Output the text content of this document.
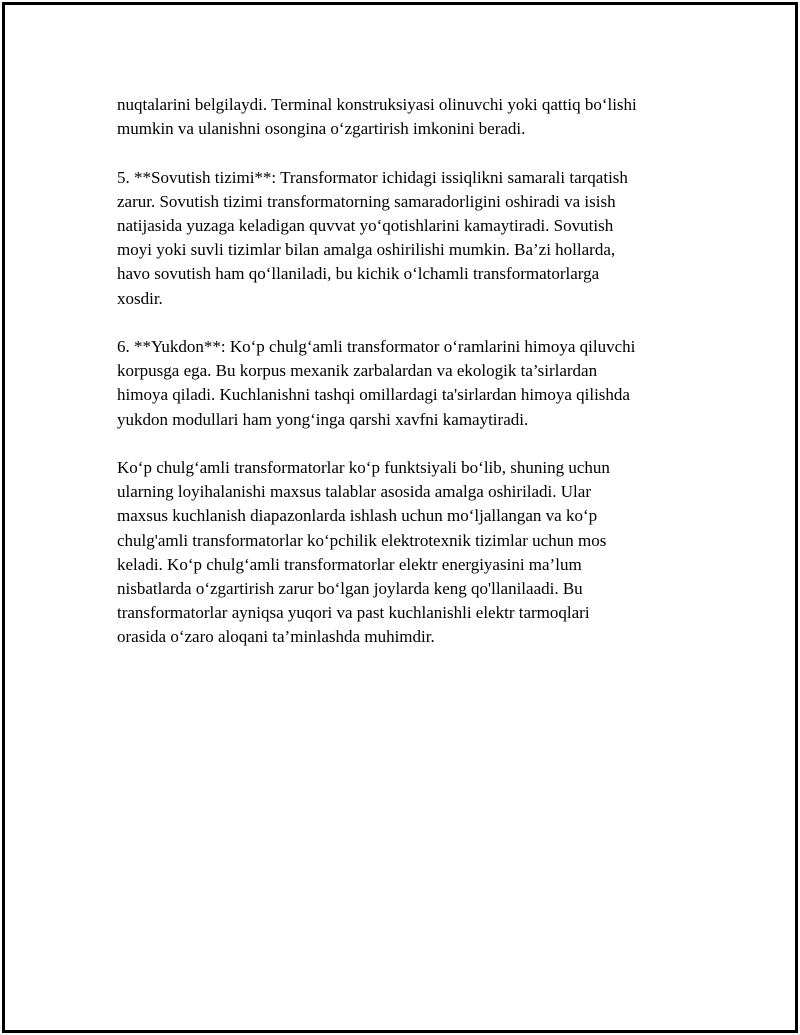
nuqtalarini belgilaydi. Terminal konstruksiyasi olinuvchi yoki qattiq bo‘lishi
mumkin va ulanishni osongina o‘zgartirish imkonini beradi.

5. **Sovutish tizimi**: Transformator ichidagi issiqlikni samarali tarqatish
zarur. Sovutish tizimi transformatorning samaradorligini oshiradi va isish
natijasida yuzaga keladigan quvvat yo‘qotishlarini kamaytiradi. Sovutish
moyi yoki suvli tizimlar bilan amalga oshirilishi mumkin. Ba’zi hollarda,
havo sovutish ham qo‘llaniladi, bu kichik o‘lchamli transformatorlarga
xosdir.

6. **Yukdon**: Ko‘p chulg‘amli transformator o‘ramlarini himoya qiluvchi
korpusga ega. Bu korpus mexanik zarbalardan va ekologik ta’sirlardan
himoya qiladi. Kuchlanishni tashqi omillardagi ta'sirlardan himoya qilishda
yukdon modullari ham yong‘inga qarshi xavfni kamaytiradi.

Ko‘p chulg‘amli transformatorlar ko‘p funktsiyali bo‘lib, shuning uchun
ularning loyihalanishi maxsus talablar asosida amalga oshiriladi. Ular
maxsus kuchlanish diapazonlarda ishlash uchun mo‘ljallangan va ko‘p
chulg'amli transformatorlar ko‘pchilik elektrotexnik tizimlar uchun mos
keladi. Ko‘p chulg‘amli transformatorlar elektr energiyasini ma’lum
nisbatlarda o‘zgartirish zarur bo‘lgan joylarda keng qo'llanilaadi. Bu
transformatorlar ayniqsa yuqori va past kuchlanishli elektr tarmoqlari
orasida o‘zaro aloqani ta’minlashda muhimdir.
